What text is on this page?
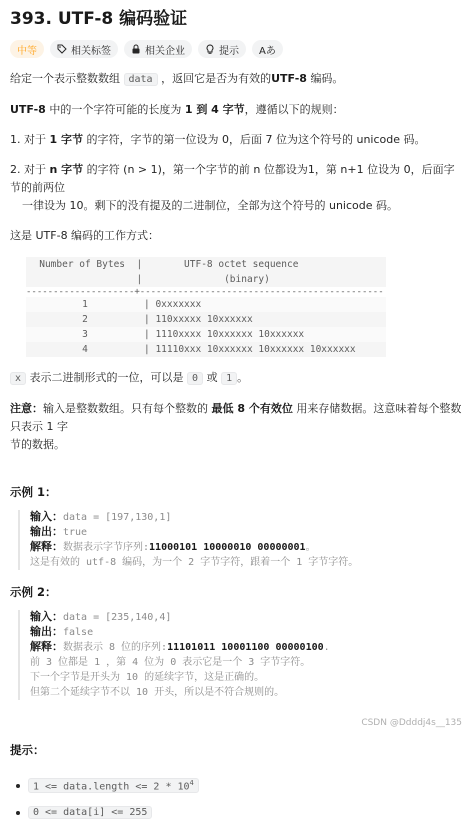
393. UTF-8 编码验证
中等	相关标签	相关企业	提示	Aあ

给定一个表示整数数组 data ，返回它是否为有效的UTF-8 编码。

UTF-8 中的一个字符可能的长度为 1 到 4 字节，遵循以下的规则：

1. 对于 1 字节 的字符，字节的第一位设为 0，后面 7 位为这个符号的 unicode 码。

2. 对于 n 字节 的字符 (n > 1)，第一个字节的前 n 位都设为1，第 n+1 位设为 0，后面字节的前两位
一律设为 10。剩下的没有提及的二进制位，全部为这个符号的 unicode 码。

这是 UTF-8 编码的工作方式：

Number of Bytes  | UTF-8 octet sequence
| (binary)
--------------------+---------------------------------------------
1	| 0xxxxxxx
2	| 110xxxxx 10xxxxxx
3	| 1110xxxx 10xxxxxx 10xxxxxx
4	| 11110xxx 10xxxxxx 10xxxxxx 10xxxxxx

x 表示二进制形式的一位，可以是 0 或 1 。

注意：输入是整数数组。只有每个整数的 最低 8 个有效位 用来存储数据。这意味着每个整数只表示 1 字
节的数据。

示例 1：
输入：data = [197,130,1]
输出：true
解释：数据表示字节序列:11000101 10000010 00000001。
这是有效的 utf-8 编码，为一个 2 字节字符，跟着一个 1 字节字符。
示例 2：
输入：data = [235,140,4]
输出：false
解释：数据表示 8 位的序列:11101011 10001100 00000100.
前 3 位都是 1 ，第 4 位为 0 表示它是一个 3 字节字符。
下一个字节是开头为 10 的延续字节，这是正确的。
但第二个延续字节不以 10 开头，所以是不符合规则的。
提示：
1 <= data.length <= $2 * 10^4$
0 <= data[i] <= 255
CSDN @Ddddj4s__135
